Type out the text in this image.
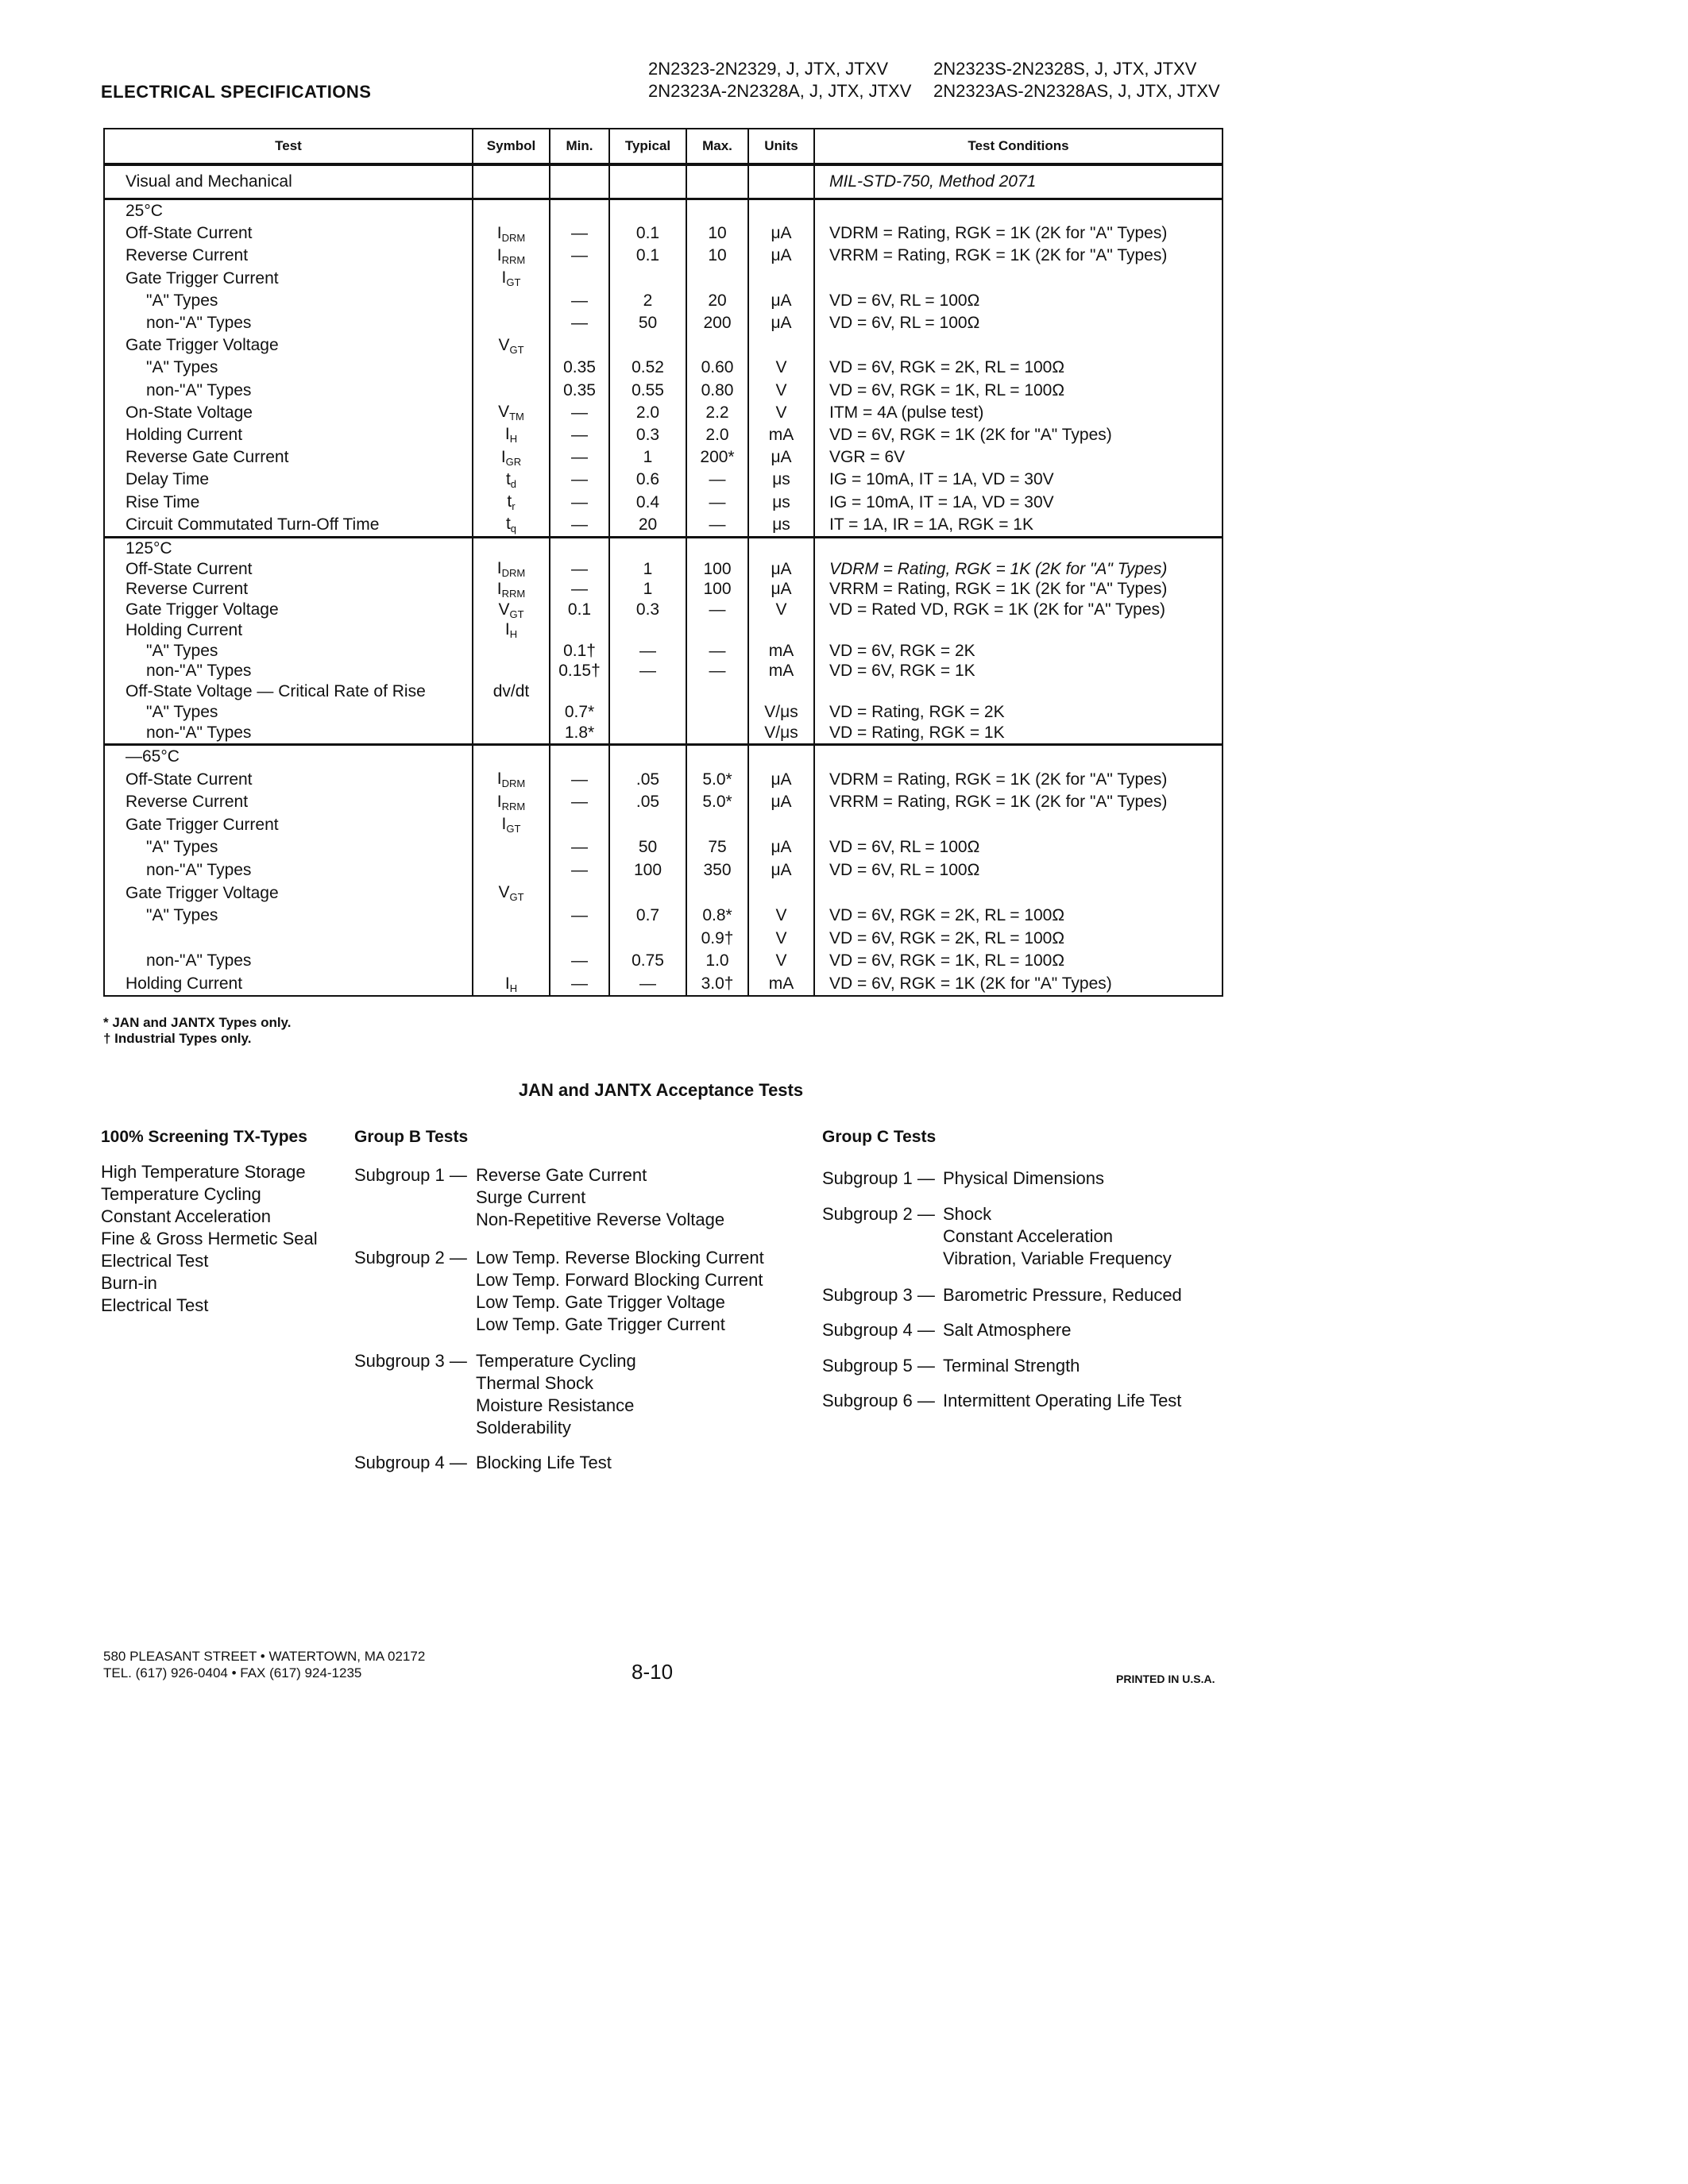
ELECTRICAL SPECIFICATIONS
2N2323-2N2329, J, JTX, JTXV	2N2323S-2N2328S, J, JTX, JTXV
2N2323A-2N2328A, J, JTX, JTXV 2N2323AS-2N2328AS, J, JTX, JTXV
Test	Symbol	Min.	Typical	Max.	Units	Test Conditions
Visual and Mechanical						MIL-STD-750, Method 2071
25°C						
Off-State Current	$I_{DRM}$	—	0.1	10	μA	VDRM = Rating, RGK = 1K (2K for "A" Types)
Reverse Current	$I_{RRM}$	—	0.1	10	μA	VRRM = Rating, RGK = 1K (2K for "A" Types)
Gate Trigger Current	$I_{GT}$					
"A" Types		—	2	20	μA	VD = 6V, RL = 100Ω
non-"A" Types		—	50	200	μA	VD = 6V, RL = 100Ω
Gate Trigger Voltage	$V_{GT}$					
"A" Types		0.35	0.52	0.60	V	VD = 6V, RGK = 2K, RL = 100Ω
non-"A" Types		0.35	0.55	0.80	V	VD = 6V, RGK = 1K, RL = 100Ω
On-State Voltage	$V_{TM}$	—	2.0	2.2	V	ITM = 4A (pulse test)
Holding Current	$I_H$	—	0.3	2.0	mA	VD = 6V, RGK = 1K (2K for "A" Types)
Reverse Gate Current	$I_{GR}$	—	1	200*	μA	VGR = 6V
Delay Time	$t_d$	—	0.6	—	μs	IG = 10mA, IT = 1A, VD = 30V
Rise Time	$t_r$	—	0.4	—	μs	IG = 10mA, IT = 1A, VD = 30V
Circuit Commutated Turn-Off Time	$t_q$	—	20	—	μs	IT = 1A, IR = 1A, RGK = 1K
125°C						
Off-State Current	$I_{DRM}$	—	1	100	μA	VDRM = Rating, RGK = 1K (2K for "A" Types)
Reverse Current	$I_{RRM}$	—	1	100	μA	VRRM = Rating, RGK = 1K (2K for "A" Types)
Gate Trigger Voltage	$V_{GT}$	0.1	0.3	—	V	VD = Rated VD, RGK = 1K (2K for "A" Types)
Holding Current	$I_H$					
"A" Types		0.1†	—	—	mA	VD = 6V, RGK = 2K
non-"A" Types		0.15†	—	—	mA	VD = 6V, RGK = 1K
Off-State Voltage — Critical Rate of Rise	dv/dt					
"A" Types		0.7*			V/μs	VD = Rating, RGK = 2K
non-"A" Types		1.8*			V/μs	VD = Rating, RGK = 1K
—65°C						
Off-State Current	$I_{DRM}$	—	.05	5.0*	μA	VDRM = Rating, RGK = 1K (2K for "A" Types)
Reverse Current	$I_{RRM}$	—	.05	5.0*	μA	VRRM = Rating, RGK = 1K (2K for "A" Types)
Gate Trigger Current	$I_{GT}$					
"A" Types		—	50	75	μA	VD = 6V, RL = 100Ω
non-"A" Types		—	100	350	μA	VD = 6V, RL = 100Ω
Gate Trigger Voltage	$V_{GT}$					
"A" Types		—	0.7	0.8*	V	VD = 6V, RGK = 2K, RL = 100Ω
				0.9†	V	VD = 6V, RGK = 2K, RL = 100Ω
non-"A" Types		—	0.75	1.0	V	VD = 6V, RGK = 1K, RL = 100Ω
Holding Current	$I_H$	—	—	3.0†	mA	VD = 6V, RGK = 1K (2K for "A" Types)
* JAN and JANTX Types only.
† Industrial Types only.
JAN and JANTX Acceptance Tests
100% Screening TX-Types	Group B Tests	Group C Tests
High Temperature Storage
Temperature Cycling
Constant Acceleration
Fine & Gross Hermetic Seal
Electrical Test
Burn-in
Electrical Test
Subgroup 1 — Reverse Gate Current
Surge Current
Non-Repetitive Reverse Voltage
Subgroup 2 — Low Temp. Reverse Blocking Current
Low Temp. Forward Blocking Current
Low Temp. Gate Trigger Voltage
Low Temp. Gate Trigger Current
Subgroup 3 — Temperature Cycling
Thermal Shock
Moisture Resistance
Solderability
Subgroup 4 — Blocking Life Test
Subgroup 1 — Physical Dimensions
Subgroup 2 — Shock
Constant Acceleration
Vibration, Variable Frequency
Subgroup 3 — Barometric Pressure, Reduced
Subgroup 4 — Salt Atmosphere
Subgroup 5 — Terminal Strength
Subgroup 6 — Intermittent Operating Life Test
580 PLEASANT STREET • WATERTOWN, MA 02172
TEL. (617) 926-0404 • FAX (617) 924-1235	8-10	PRINTED IN U.S.A.
